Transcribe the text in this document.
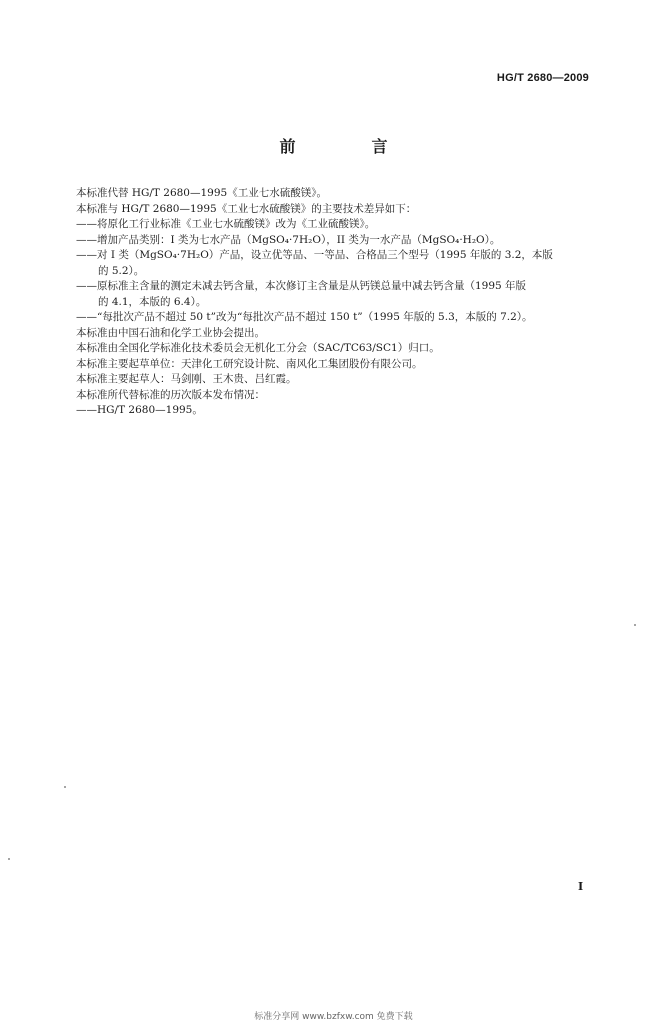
HG/T 2680—2009
前　言

本标准代替 HG/T 2680—1995《工业七水硫酸镁》。

本标准与 HG/T 2680—1995《工业七水硫酸镁》的主要技术差异如下：

——将原化工行业标准《工业七水硫酸镁》改为《工业硫酸镁》。

——增加产品类别：I 类为七水产品（MgSO₄·7H₂O），II 类为一水产品（MgSO₄·H₂O）。

——对 I 类（MgSO₄·7H₂O）产品，设立优等品、一等品、合格品三个型号（1995 年版的 3.2，本版

的 5.2）。

——原标准主含量的测定未减去钙含量，本次修订主含量是从钙镁总量中减去钙含量（1995 年版

的 4.1，本版的 6.4）。

——“每批次产品不超过 50 t”改为“每批次产品不超过 150 t”（1995 年版的 5.3，本版的 7.2）。

本标准由中国石油和化学工业协会提出。

本标准由全国化学标准化技术委员会无机化工分会（SAC/TC63/SC1）归口。

本标准主要起草单位：天津化工研究设计院、南风化工集团股份有限公司。

本标准主要起草人：马剑刚、王木贵、吕红霞。

本标准所代替标准的历次版本发布情况：

——HG/T 2680—1995。

I
标准分享网 www.bzfxw.com 免费下载
